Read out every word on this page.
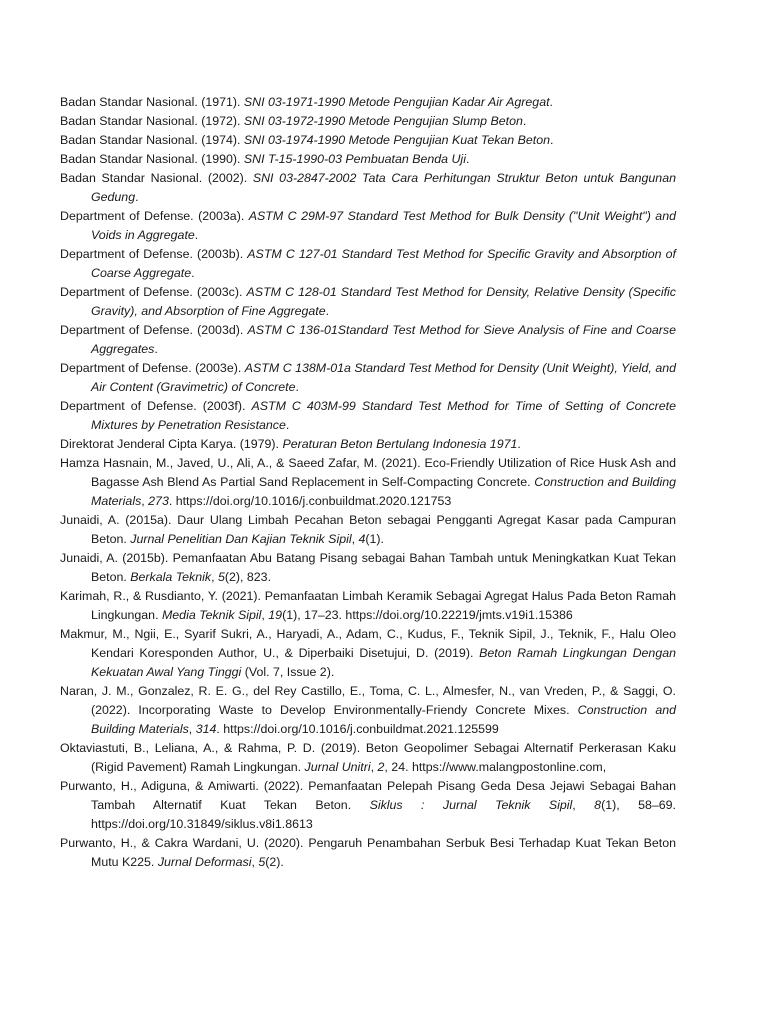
Badan Standar Nasional. (1971). SNI 03-1971-1990 Metode Pengujian Kadar Air Agregat.

Badan Standar Nasional. (1972). SNI 03-1972-1990 Metode Pengujian Slump Beton.

Badan Standar Nasional. (1974). SNI 03-1974-1990 Metode Pengujian Kuat Tekan Beton.

Badan Standar Nasional. (1990). SNI T-15-1990-03 Pembuatan Benda Uji.

Badan Standar Nasional. (2002). SNI 03-2847-2002 Tata Cara Perhitungan Struktur Beton untuk Bangunan Gedung.

Department of Defense. (2003a). ASTM C 29M-97 Standard Test Method for Bulk Density ("Unit Weight") and Voids in Aggregate.

Department of Defense. (2003b). ASTM C 127-01 Standard Test Method for Specific Gravity and Absorption of Coarse Aggregate.

Department of Defense. (2003c). ASTM C 128-01 Standard Test Method for Density, Relative Density (Specific Gravity), and Absorption of Fine Aggregate.

Department of Defense. (2003d). ASTM C 136-01Standard Test Method for Sieve Analysis of Fine and Coarse Aggregates.

Department of Defense. (2003e). ASTM C 138M-01a Standard Test Method for Density (Unit Weight), Yield, and Air Content (Gravimetric) of Concrete.

Department of Defense. (2003f). ASTM C 403M-99 Standard Test Method for Time of Setting of Concrete Mixtures by Penetration Resistance.

Direktorat Jenderal Cipta Karya. (1979). Peraturan Beton Bertulang Indonesia 1971.

Hamza Hasnain, M., Javed, U., Ali, A., & Saeed Zafar, M. (2021). Eco-Friendly Utilization of Rice Husk Ash and Bagasse Ash Blend As Partial Sand Replacement in Self-Compacting Concrete. Construction and Building Materials, 273. https://doi.org/10.1016/j.conbuildmat.2020.121753

Junaidi, A. (2015a). Daur Ulang Limbah Pecahan Beton sebagai Pengganti Agregat Kasar pada Campuran Beton. Jurnal Penelitian Dan Kajian Teknik Sipil, 4(1).

Junaidi, A. (2015b). Pemanfaatan Abu Batang Pisang sebagai Bahan Tambah untuk Meningkatkan Kuat Tekan Beton. Berkala Teknik, 5(2), 823.

Karimah, R., & Rusdianto, Y. (2021). Pemanfaatan Limbah Keramik Sebagai Agregat Halus Pada Beton Ramah Lingkungan. Media Teknik Sipil, 19(1), 17–23. https://doi.org/10.22219/jmts.v19i1.15386

Makmur, M., Ngii, E., Syarif Sukri, A., Haryadi, A., Adam, C., Kudus, F., Teknik Sipil, J., Teknik, F., Halu Oleo Kendari Koresponden Author, U., & Diperbaiki Disetujui, D. (2019). Beton Ramah Lingkungan Dengan Kekuatan Awal Yang Tinggi (Vol. 7, Issue 2).

Naran, J. M., Gonzalez, R. E. G., del Rey Castillo, E., Toma, C. L., Almesfer, N., van Vreden, P., & Saggi, O. (2022). Incorporating Waste to Develop Environmentally-Friendy Concrete Mixes. Construction and Building Materials, 314. https://doi.org/10.1016/j.conbuildmat.2021.125599

Oktaviastuti, B., Leliana, A., & Rahma, P. D. (2019). Beton Geopolimer Sebagai Alternatif Perkerasan Kaku (Rigid Pavement) Ramah Lingkungan. Jurnal Unitri, 2, 24. https://www.malangpostonline.com,

Purwanto, H., Adiguna, & Amiwarti. (2022). Pemanfaatan Pelepah Pisang Geda Desa Jejawi Sebagai Bahan Tambah Alternatif Kuat Tekan Beton. Siklus : Jurnal Teknik Sipil, 8(1), 58–69. https://doi.org/10.31849/siklus.v8i1.8613

Purwanto, H., & Cakra Wardani, U. (2020). Pengaruh Penambahan Serbuk Besi Terhadap Kuat Tekan Beton Mutu K225. Jurnal Deformasi, 5(2).
